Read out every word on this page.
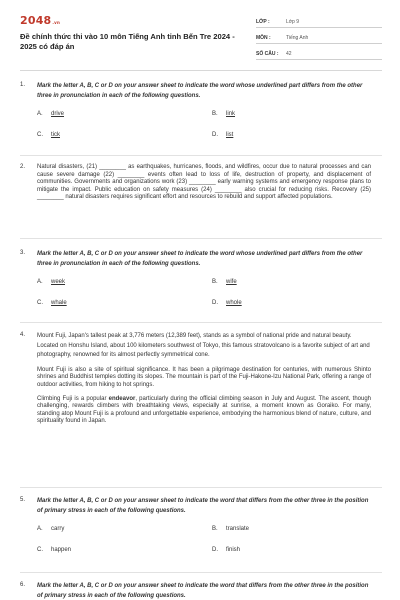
2048.vn
Đề chính thức thi vào 10 môn Tiếng Anh tỉnh Bến Tre 2024 - 2025 có đáp án
LỚP :	Lớp 9
MÔN :	Tiếng Anh
SỐ CÂU :	42
1. Mark the letter A, B, C or D on your answer sheet to indicate the word whose underlined part differs from the other three in pronunciation in each of the following questions.
A. drive	B. link
C. tick	D. list
2. Natural disasters, (21) ________ as earthquakes, hurricanes, floods, and wildfires, occur due to natural processes and can cause severe damage (22) ________ events often lead to loss of life, destruction of property, and displacement of communities. Governments and organizations work (23) ________ early warning systems and emergency response plans to mitigate the impact. Public education on safety measures (24) ________ also crucial for reducing risks. Recovery (25) ________ natural disasters requires significant effort and resources to rebuild and support affected populations.
3. Mark the letter A, B, C or D on your answer sheet to indicate the word whose underlined part differs from the other three in pronunciation in each of the following questions.
A. week	B. wife
C. whale	D. whole
4. Mount Fuji, Japan's tallest peak at 3,776 meters (12,389 feet), stands as a symbol of national pride and natural beauty. Located on Honshu Island, about 100 kilometers southwest of Tokyo, this famous stratovolcano is a favorite subject of art and photography, renowned for its almost perfectly symmetrical cone.
Mount Fuji is also a site of spiritual significance. It has been a pilgrimage destination for centuries, with numerous Shinto shrines and Buddhist temples dotting its slopes. The mountain is part of the Fuji-Hakone-Izu National Park, offering a range of outdoor activities, from hiking to hot springs.
Climbing Fuji is a popular endeavor, particularly during the official climbing season in July and August. The ascent, though challenging, rewards climbers with breathtaking views, especially at sunrise, a moment known as Goraiko. For many, standing atop Mount Fuji is a profound and unforgettable experience, embodying the harmonious blend of nature, culture, and spirituality found in Japan.
5. Mark the letter A, B, C or D on your answer sheet to indicate the word that differs from the other three in the position of primary stress in each of the following questions.
A. carry	B. translate
C. happen	D. finish
6. Mark the letter A, B, C or D on your answer sheet to indicate the word that differs from the other three in the position of primary stress in each of the following questions.
